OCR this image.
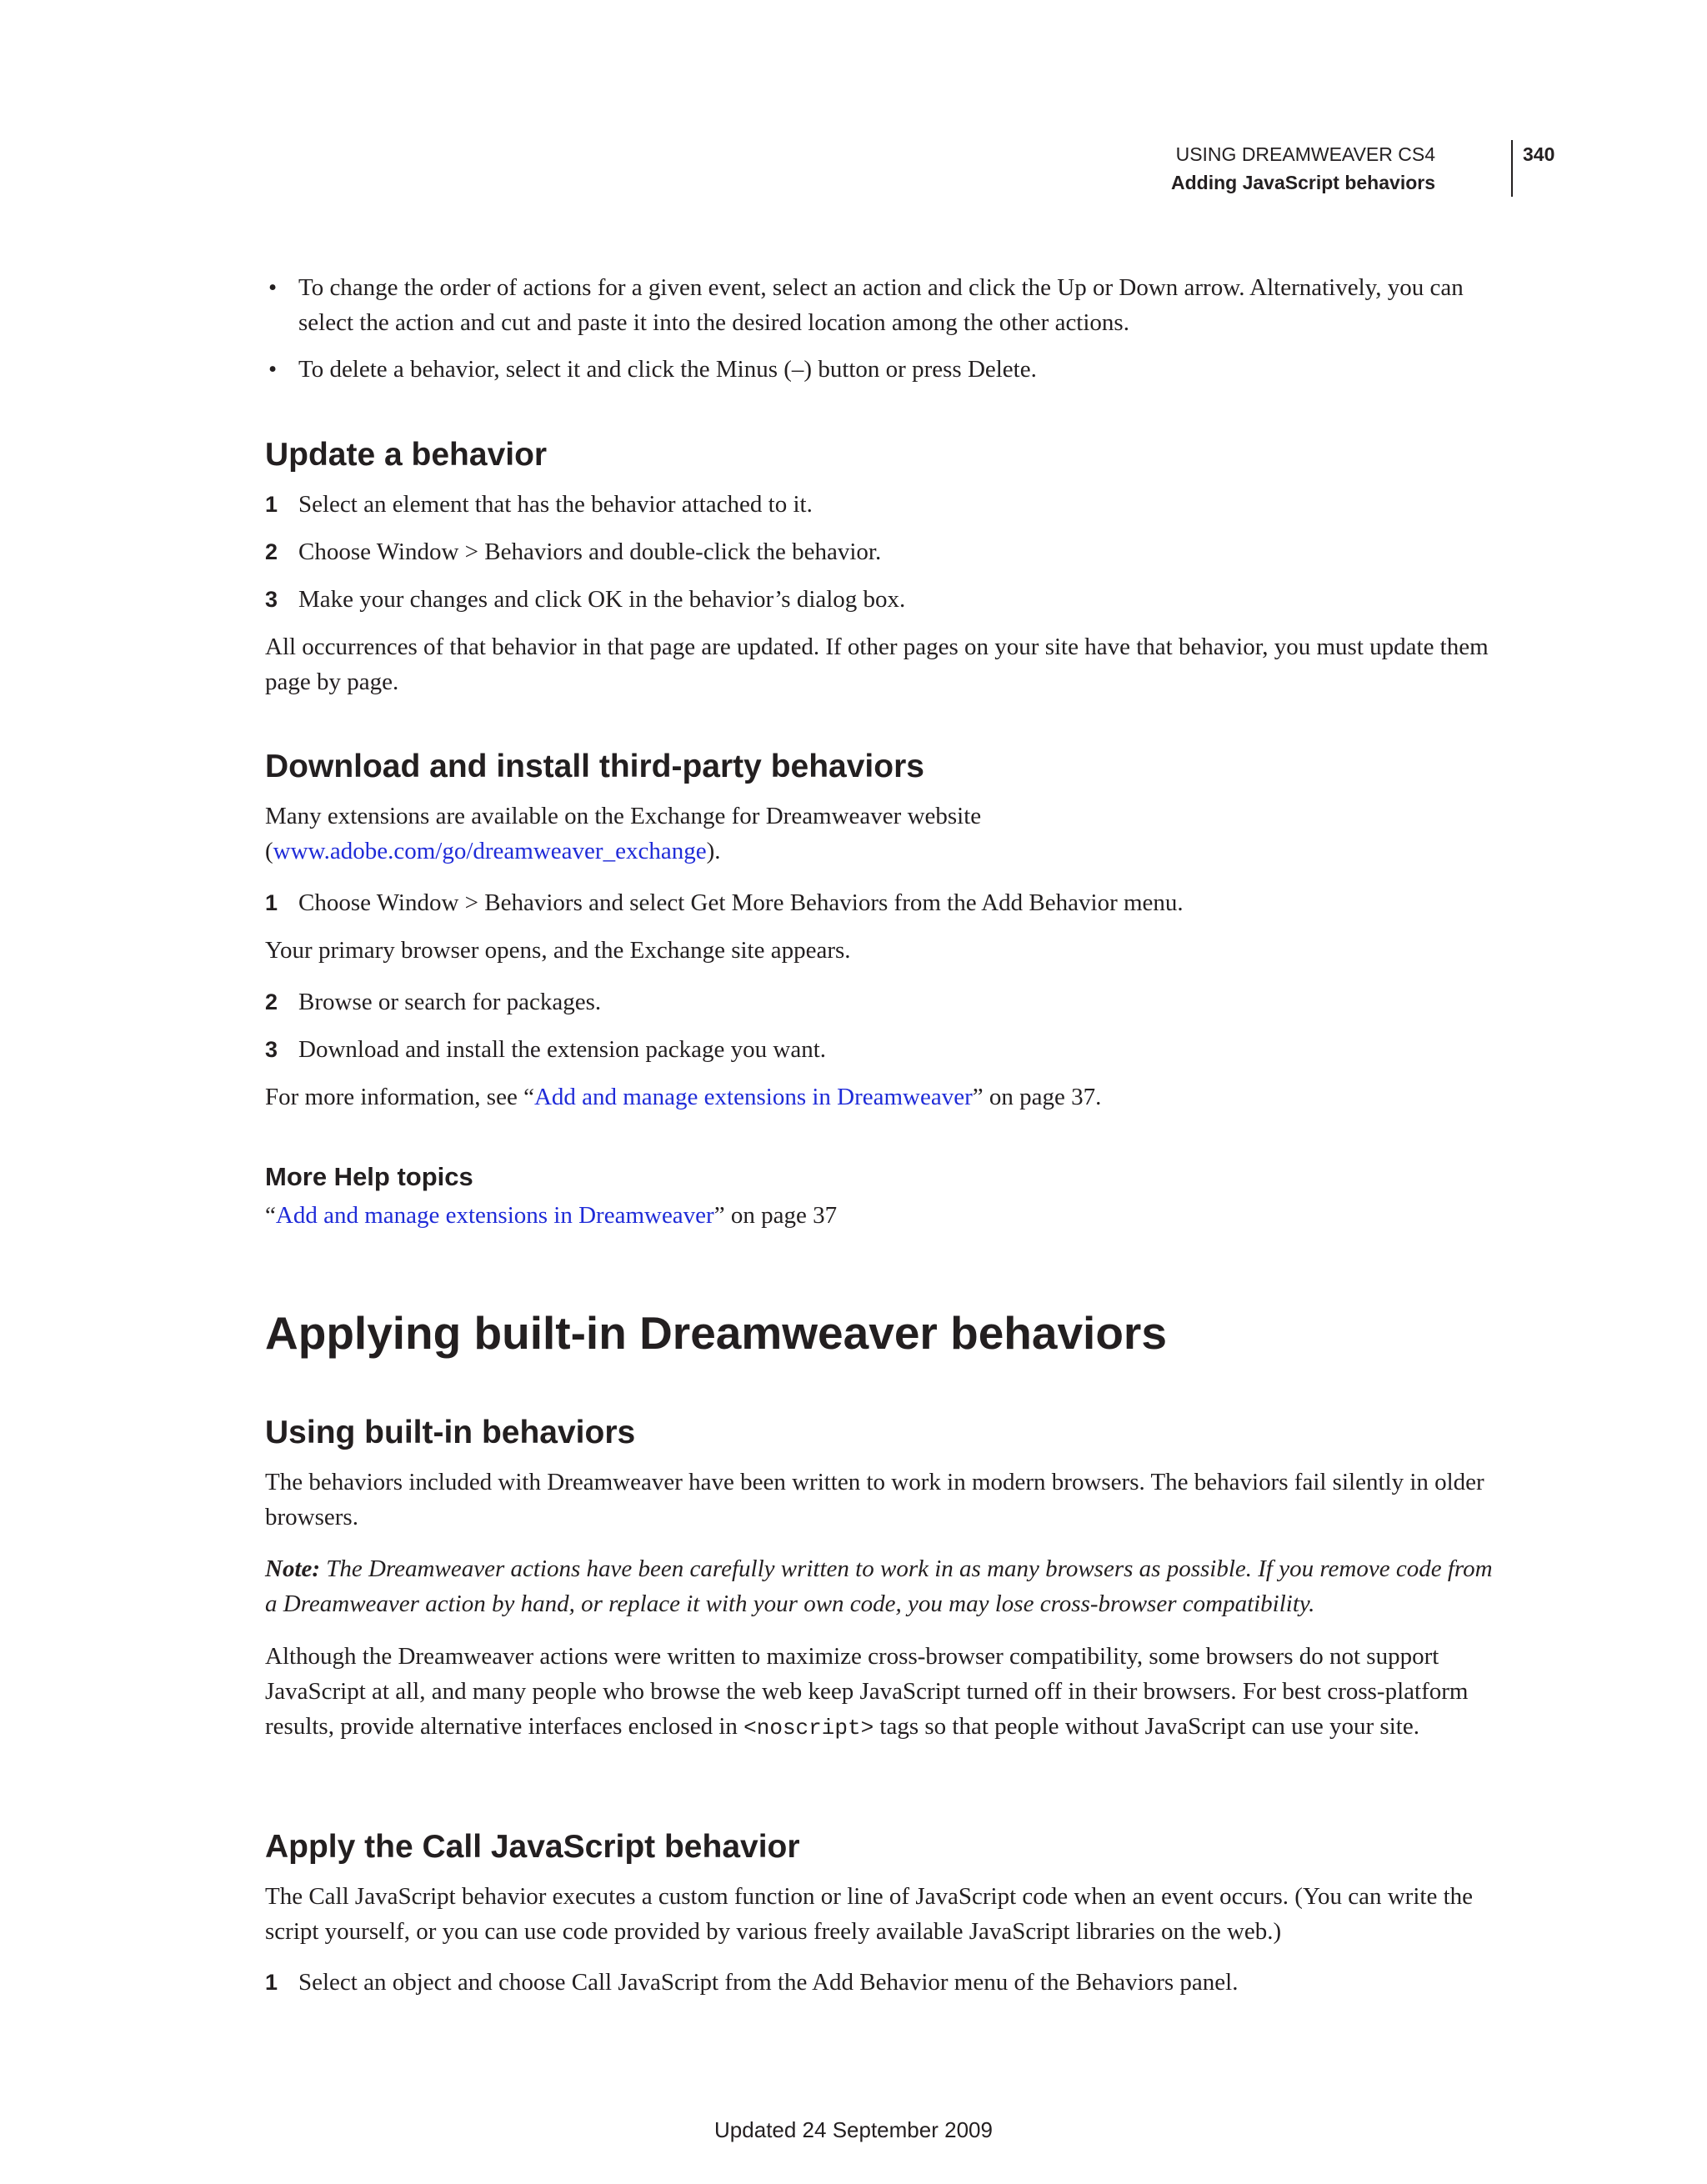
USING DREAMWEAVER CS4
Adding JavaScript behaviors
340
• To change the order of actions for a given event, select an action and click the Up or Down arrow. Alternatively, you can select the action and cut and paste it into the desired location among the other actions.
• To delete a behavior, select it and click the Minus (–) button or press Delete.
Update a behavior
1 Select an element that has the behavior attached to it.
2 Choose Window > Behaviors and double-click the behavior.
3 Make your changes and click OK in the behavior’s dialog box.
All occurrences of that behavior in that page are updated. If other pages on your site have that behavior, you must update them page by page.
Download and install third-party behaviors
Many extensions are available on the Exchange for Dreamweaver website
(www.adobe.com/go/dreamweaver_exchange).
1 Choose Window > Behaviors and select Get More Behaviors from the Add Behavior menu.
Your primary browser opens, and the Exchange site appears.
2 Browse or search for packages.
3 Download and install the extension package you want.
For more information, see “Add and manage extensions in Dreamweaver” on page 37.
More Help topics
“Add and manage extensions in Dreamweaver” on page 37
Applying built-in Dreamweaver behaviors
Using built-in behaviors
The behaviors included with Dreamweaver have been written to work in modern browsers. The behaviors fail silently in older browsers.
Note: The Dreamweaver actions have been carefully written to work in as many browsers as possible. If you remove code from a Dreamweaver action by hand, or replace it with your own code, you may lose cross-browser compatibility.
Although the Dreamweaver actions were written to maximize cross-browser compatibility, some browsers do not support JavaScript at all, and many people who browse the web keep JavaScript turned off in their browsers. For best cross-platform results, provide alternative interfaces enclosed in <noscript> tags so that people without JavaScript can use your site.
Apply the Call JavaScript behavior
The Call JavaScript behavior executes a custom function or line of JavaScript code when an event occurs. (You can write the script yourself, or you can use code provided by various freely available JavaScript libraries on the web.)
1 Select an object and choose Call JavaScript from the Add Behavior menu of the Behaviors panel.
Updated 24 September 2009
